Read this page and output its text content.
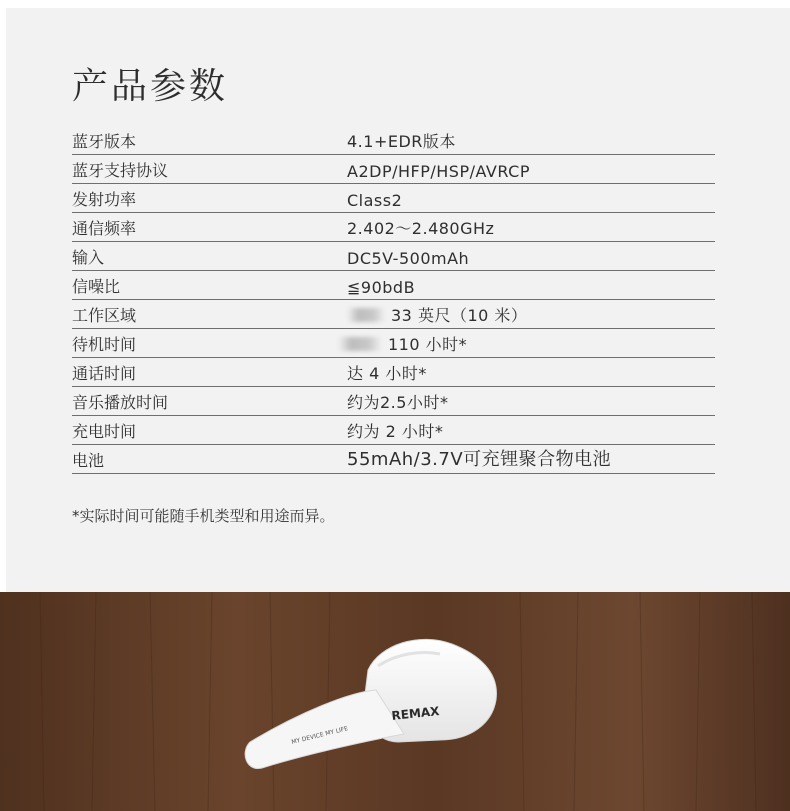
产品参数
蓝牙版本	4.1+EDR版本
蓝牙支持协议	A2DP/HFP/HSP/AVRCP
发射功率	Class2
通信频率	2.402～2.480GHz
输入	DC5V-500mAh
信噪比	≦90bdB
工作区域	33 英尺（10 米）
待机时间	110 小时*
通话时间	达 4 小时*
音乐播放时间	约为2.5小时*
充电时间	约为 2 小时*
电池	55mAh/3.7V可充锂聚合物电池
*实际时间可能随手机类型和用途而异。
REMAX
MY DEVICE MY LIFE
